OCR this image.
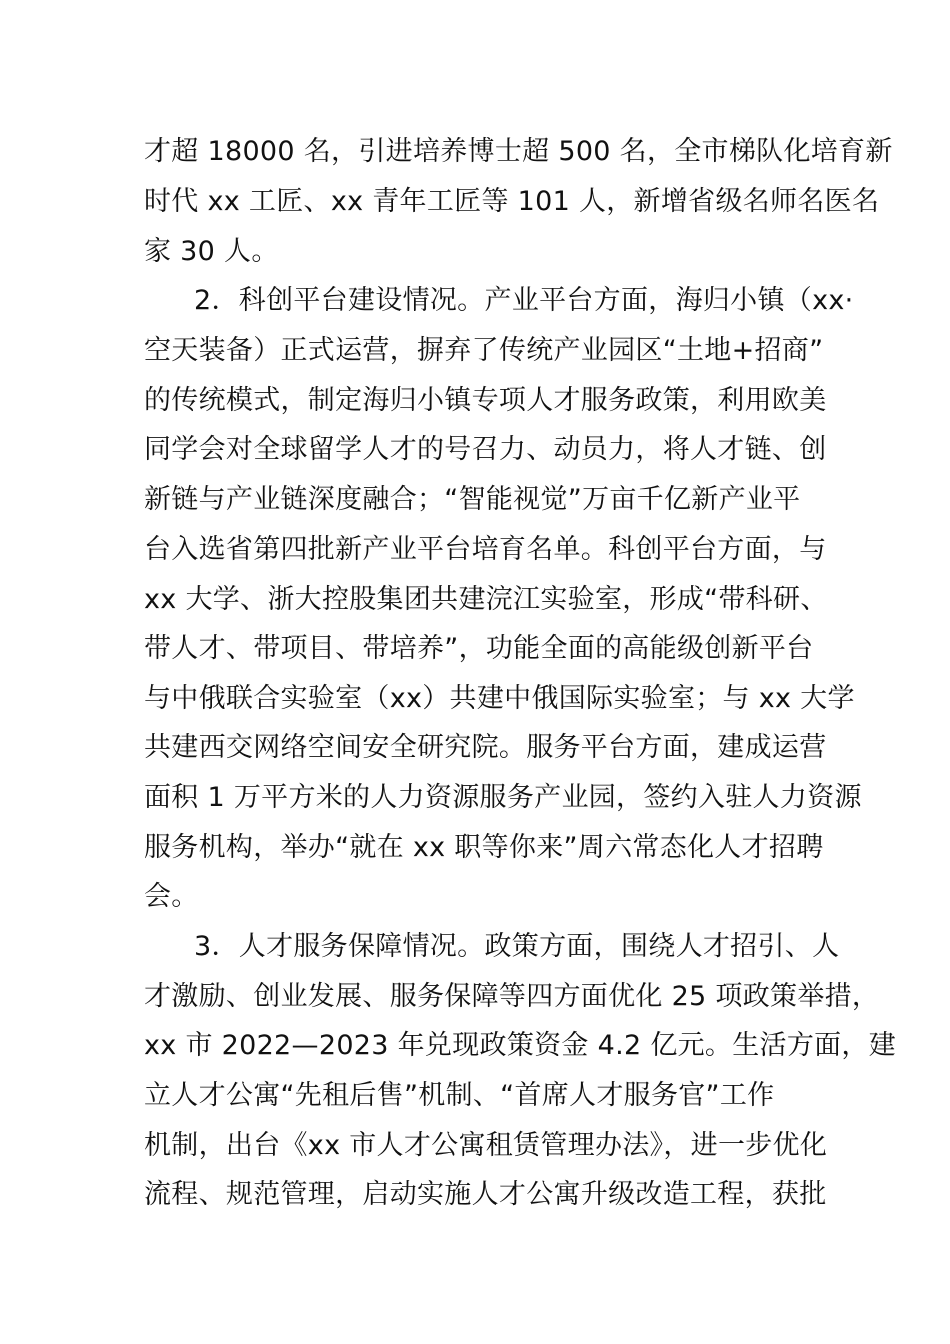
才超 18000 名，引进培养博士超 500 名，全市梯队化培育新
时代 xx 工匠、xx 青年工匠等 101 人，新增省级名师名医名
家 30 人。
2．科创平台建设情况。产业平台方面，海归小镇（xx·
空天装备）正式运营，摒弃了传统产业园区“土地+招商”
的传统模式，制定海归小镇专项人才服务政策，利用欧美
同学会对全球留学人才的号召力、动员力，将人才链、创
新链与产业链深度融合；“智能视觉”万亩千亿新产业平
台入选省第四批新产业平台培育名单。科创平台方面，与
xx 大学、浙大控股集团共建浣江实验室，形成“带科研、
带人才、带项目、带培养”，功能全面的高能级创新平台
与中俄联合实验室（xx）共建中俄国际实验室；与 xx 大学
共建西交网络空间安全研究院。服务平台方面，建成运营
面积 1 万平方米的人力资源服务产业园，签约入驻人力资源
服务机构，举办“就在 xx 职等你来”周六常态化人才招聘
会。
3．人才服务保障情况。政策方面，围绕人才招引、人
才激励、创业发展、服务保障等四方面优化 25 项政策举措，
xx 市 2022—2023 年兑现政策资金 4.2 亿元。生活方面，建
立人才公寓“先租后售”机制、“首席人才服务官”工作
机制，出台《xx 市人才公寓租赁管理办法》，进一步优化
流程、规范管理，启动实施人才公寓升级改造工程，获批
